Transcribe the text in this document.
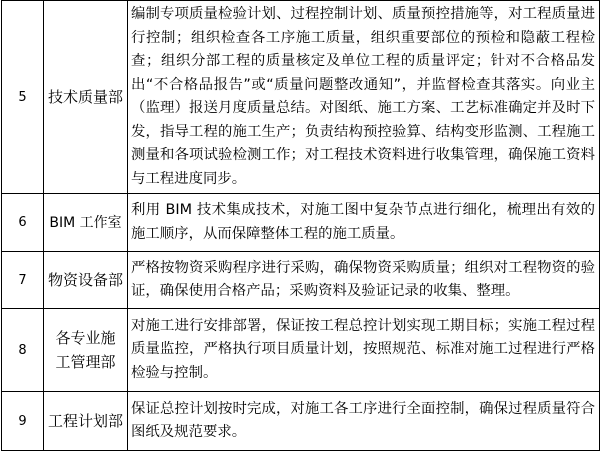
5	技术质量部	编制专项质量检验计划、过程控制计划、质量预控措施等，对工程质量进行控制；组织检查各工序施工质量，组织重要部位的预检和隐蔽工程检查；组织分部工程的质量核定及单位工程的质量评定；针对不合格品发出“不合格品报告”或“质量问题整改通知”，并监督检查其落实。向业主（监理）报送月度质量总结。对图纸、施工方案、工艺标准确定并及时下发，指导工程的施工生产；负责结构预控验算、结构变形监测、工程施工测量和各项试验检测工作；对工程技术资料进行收集管理，确保施工资料与工程进度同步。
6	BIM 工作室	利用 BIM 技术集成技术，对施工图中复杂节点进行细化，梳理出有效的施工顺序，从而保障整体工程的施工质量。
7	物资设备部	严格按物资采购程序进行采购，确保物资采购质量；组织对工程物资的验证，确保使用合格产品；采购资料及验证记录的收集、整理。
8	各专业施工管理部	对施工进行安排部署，保证按工程总控计划实现工期目标；实施工程过程质量监控，严格执行项目质量计划，按照规范、标准对施工过程进行严格检验与控制。
9	工程计划部	保证总控计划按时完成，对施工各工序进行全面控制，确保过程质量符合图纸及规范要求。
